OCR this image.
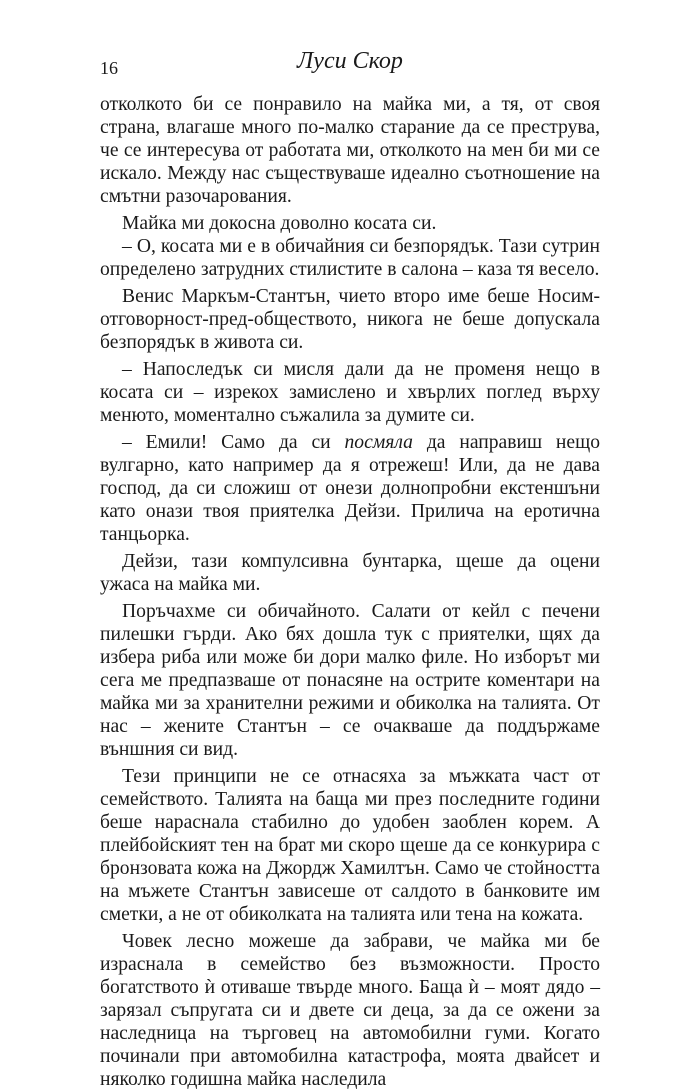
16	Луси Скор

отколкото би се понравило на майка ми, а тя, от своя страна, влагаше много по-малко старание да се преструва, че се интересува от работата ми, отколкото на мен би ми се искало. Между нас съществуваше идеално съотношение на смътни разочарования.

Майка ми докосна доволно косата си.

– О, косата ми е в обичайния си безпорядък. Тази сутрин определено затрудних стилистите в салона – каза тя весело.

Венис Маркъм-Стантън, чието второ име беше Носим-отговорност-пред-обществото, никога не беше допускала безпорядък в живота си.

– Напоследък си мисля дали да не променя нещо в косата си – изрекох замислено и хвърлих поглед върху менюто, моментално съжалила за думите си.

– Емили! Само да си посмяла да направиш нещо вулгарно, като например да я отрежеш! Или, да не дава господ, да си сложиш от онези долнопробни екстеншъни като онази твоя приятелка Дейзи. Прилича на еротична танцьорка.

Дейзи, тази компулсивна бунтарка, щеше да оцени ужаса на майка ми.

Поръчахме си обичайното. Салати от кейл с печени пилешки гърди. Ако бях дошла тук с приятелки, щях да избера риба или може би дори малко филе. Но изборът ми сега ме предпазваше от понасяне на острите коментари на майка ми за хранителни режими и обиколка на талията. От нас – жените Стантън – се очакваше да поддържаме външния си вид.

Тези принципи не се отнасяха за мъжката част от семейството. Талията на баща ми през последните години беше нараснала стабилно до удобен заоблен корем. А плейбойският тен на брат ми скоро щеше да се конкурира с бронзовата кожа на Джордж Хамилтън. Само че стойността на мъжете Стантън зависеше от салдото в банковите им сметки, а не от обиколката на талията или тена на кожата.

Човек лесно можеше да забрави, че майка ми бе израснала в семейство без възможности. Просто богатството ѝ отиваше твърде много. Баща ѝ – моят дядо – зарязал съпругата си и двете си деца, за да се ожени за наследница на търговец на автомобилни гуми. Когато починали при автомобилна катастрофа, моята двайсет и няколко годишна майка наследила
